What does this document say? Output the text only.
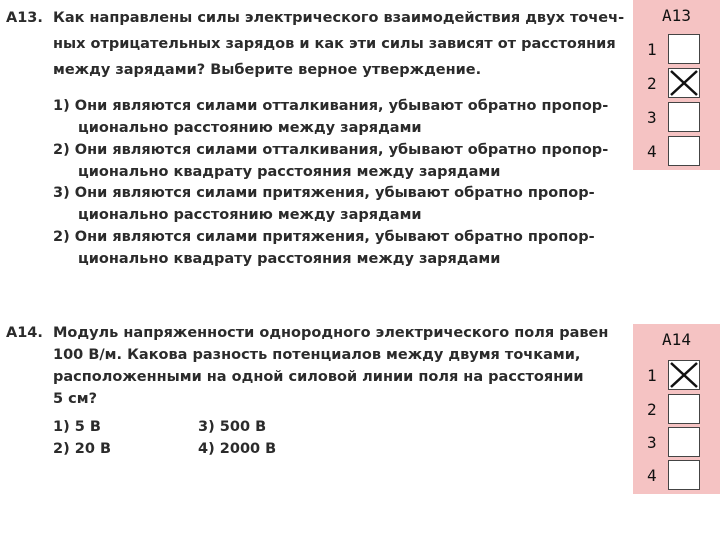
А13. Как направлены силы электрического взаимодействия двух точеч-
ных отрицательных зарядов и как эти силы зависят от расстояния
между зарядами? Выберите верное утверждение.
1) Они являются силами отталкивания, убывают обратно пропор-
циональнo расстоянию между зарядами
2) Они являются силами отталкивания, убывают обратно пропор-
ционально квадрату расстояния между зарядами
3) Они являются силами притяжения, убывают обратно пропор-
ционально расстоянию между зарядами
2) Они являются силами притяжения, убывают обратно пропор-
ционально квадрату расстояния между зарядами
А13
1
2
3
4
А14. Модуль напряженности однородного электрического поля равен
100 В/м. Какова разность потенциалов между двумя точками,
расположенными на одной силовой линии поля на расстоянии
5 см?
1) 5 В
2) 20 В
3) 500 В
4) 2000 В
А14
1
2
3
4
